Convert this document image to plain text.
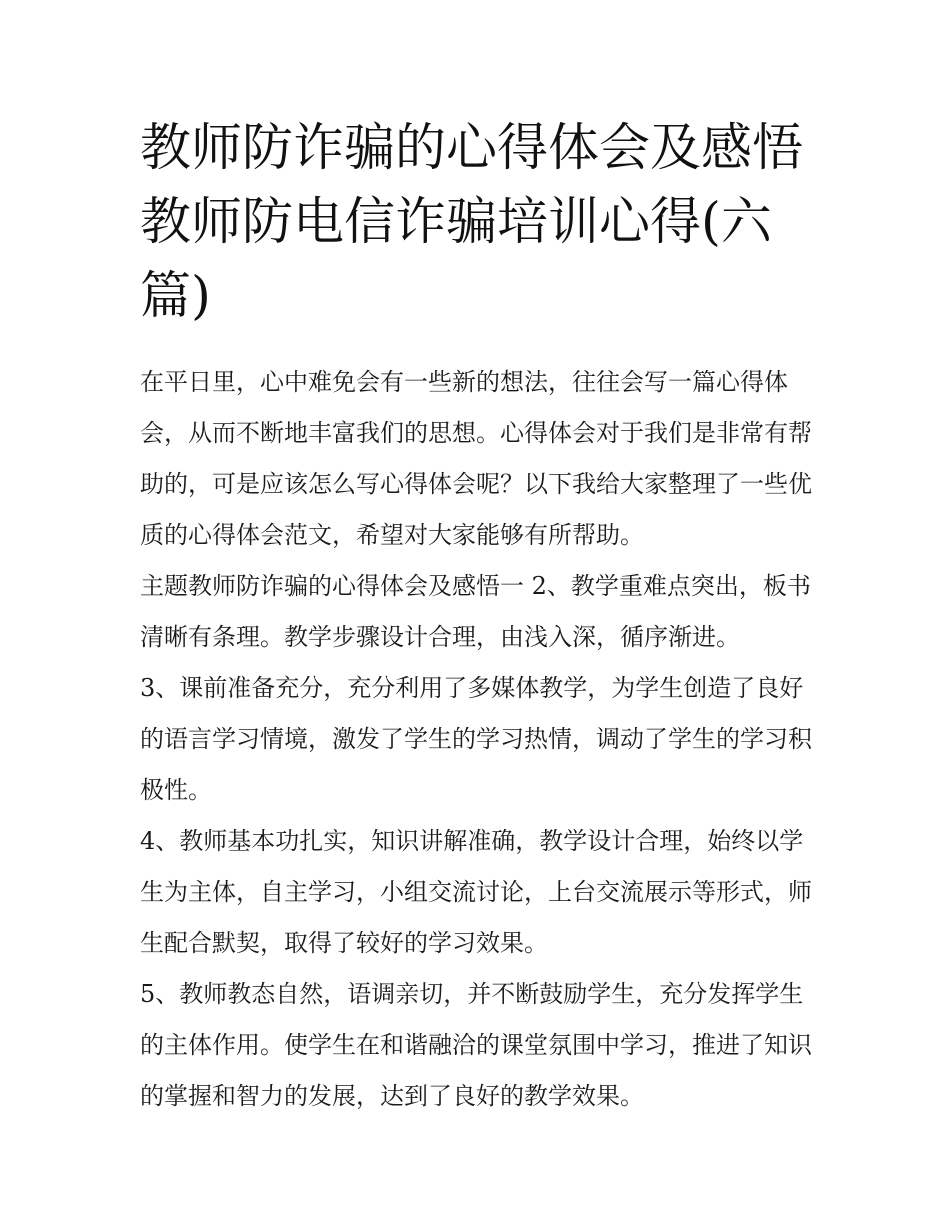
教师防诈骗的心得体会及感悟教师防电信诈骗培训心得(六篇)

在平日里，心中难免会有一些新的想法，往往会写一篇心得体会，从而不断地丰富我们的思想。心得体会对于我们是非常有帮助的，可是应该怎么写心得体会呢？以下我给大家整理了一些优质的心得体会范文，希望对大家能够有所帮助。

主题教师防诈骗的心得体会及感悟一 2、教学重难点突出，板书清晰有条理。教学步骤设计合理，由浅入深，循序渐进。

3、课前准备充分，充分利用了多媒体教学，为学生创造了良好的语言学习情境，激发了学生的学习热情，调动了学生的学习积极性。

4、教师基本功扎实，知识讲解准确，教学设计合理，始终以学生为主体，自主学习，小组交流讨论，上台交流展示等形式，师生配合默契，取得了较好的学习效果。

5、教师教态自然，语调亲切，并不断鼓励学生，充分发挥学生的主体作用。使学生在和谐融洽的课堂氛围中学习，推进了知识的掌握和智力的发展，达到了良好的教学效果。
